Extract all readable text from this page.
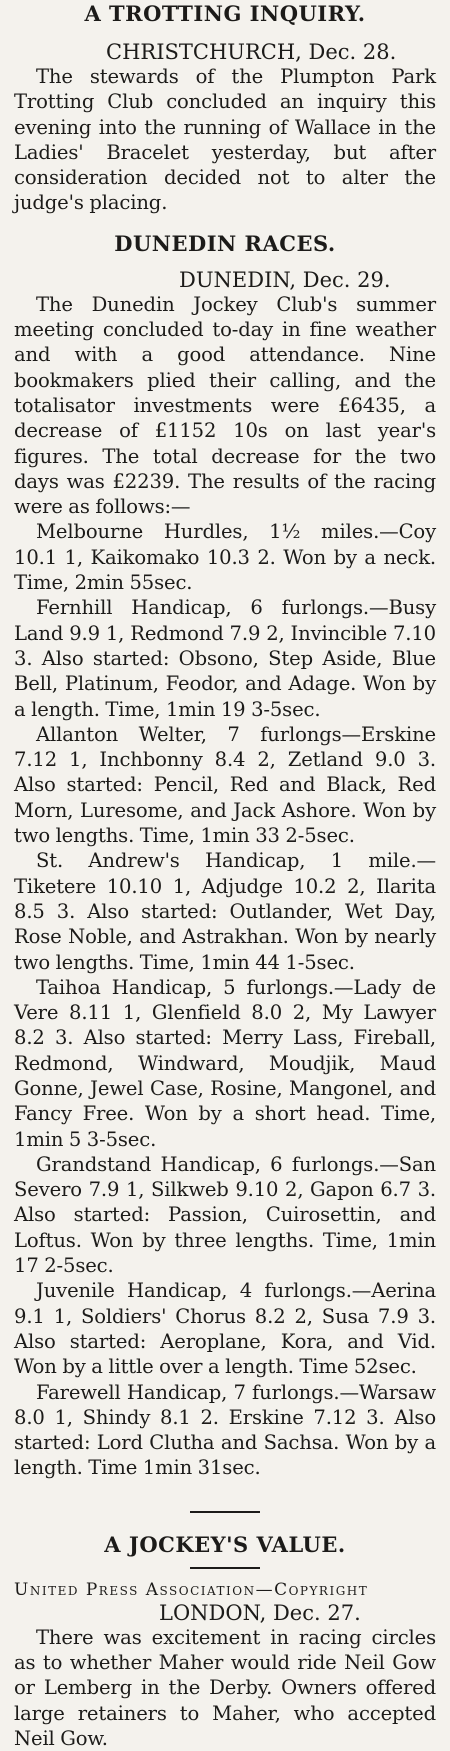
A TROTTING INQUIRY.

CHRISTCHURCH, Dec. 28.

The stewards of the Plumpton Park Trotting Club concluded an inquiry this evening into the running of Wallace in the Ladies' Bracelet yesterday, but after consideration decided not to alter the judge's placing.

DUNEDIN RACES.

DUNEDIN, Dec. 29.

The Dunedin Jockey Club's summer meeting concluded to-day in fine weather and with a good attendance. Nine bookmakers plied their calling, and the totalisator investments were £6435, a decrease of £1152 10s on last year's figures. The total decrease for the two days was £2239. The results of the racing were as follows:—

Melbourne Hurdles, 1½ miles.—Coy 10.1 1, Kaikomako 10.3 2. Won by a neck. Time, 2min 55sec.

Fernhill Handicap, 6 furlongs.—Busy Land 9.9 1, Redmond 7.9 2, Invincible 7.10 3. Also started: Obsono, Step Aside, Blue Bell, Platinum, Feodor, and Adage. Won by a length. Time, 1min 19 3-5sec.

Allanton Welter, 7 furlongs—Erskine 7.12 1, Inchbonny 8.4 2, Zetland 9.0 3. Also started: Pencil, Red and Black, Red Morn, Luresome, and Jack Ashore. Won by two lengths. Time, 1min 33 2-5sec.

St. Andrew's Handicap, 1 mile.—Tiketere 10.10 1, Adjudge 10.2 2, Ilarita 8.5 3. Also started: Outlander, Wet Day, Rose Noble, and Astrakhan. Won by nearly two lengths. Time, 1min 44 1-5sec.

Taihoa Handicap, 5 furlongs.—Lady de Vere 8.11 1, Glenfield 8.0 2, My Lawyer 8.2 3. Also started: Merry Lass, Fireball, Redmond, Windward, Moudjik, Maud Gonne, Jewel Case, Rosine, Mangonel, and Fancy Free. Won by a short head. Time, 1min 5 3-5sec.

Grandstand Handicap, 6 furlongs.—San Severo 7.9 1, Silkweb 9.10 2, Gapon 6.7 3. Also started: Passion, Cuirosettin, and Loftus. Won by three lengths. Time, 1min 17 2-5sec.

Juvenile Handicap, 4 furlongs.—Aerina 9.1 1, Soldiers' Chorus 8.2 2, Susa 7.9 3. Also started: Aeroplane, Kora, and Vid. Won by a little over a length. Time 52sec.

Farewell Handicap, 7 furlongs.—Warsaw 8.0 1, Shindy 8.1 2. Erskine 7.12 3. Also started: Lord Clutha and Sachsa. Won by a length. Time 1min 31sec.

A JOCKEY'S VALUE.

United Press Association—Copyright

LONDON, Dec. 27.

There was excitement in racing circles as to whether Maher would ride Neil Gow or Lemberg in the Derby. Owners offered large retainers to Maher, who accepted Neil Gow.
